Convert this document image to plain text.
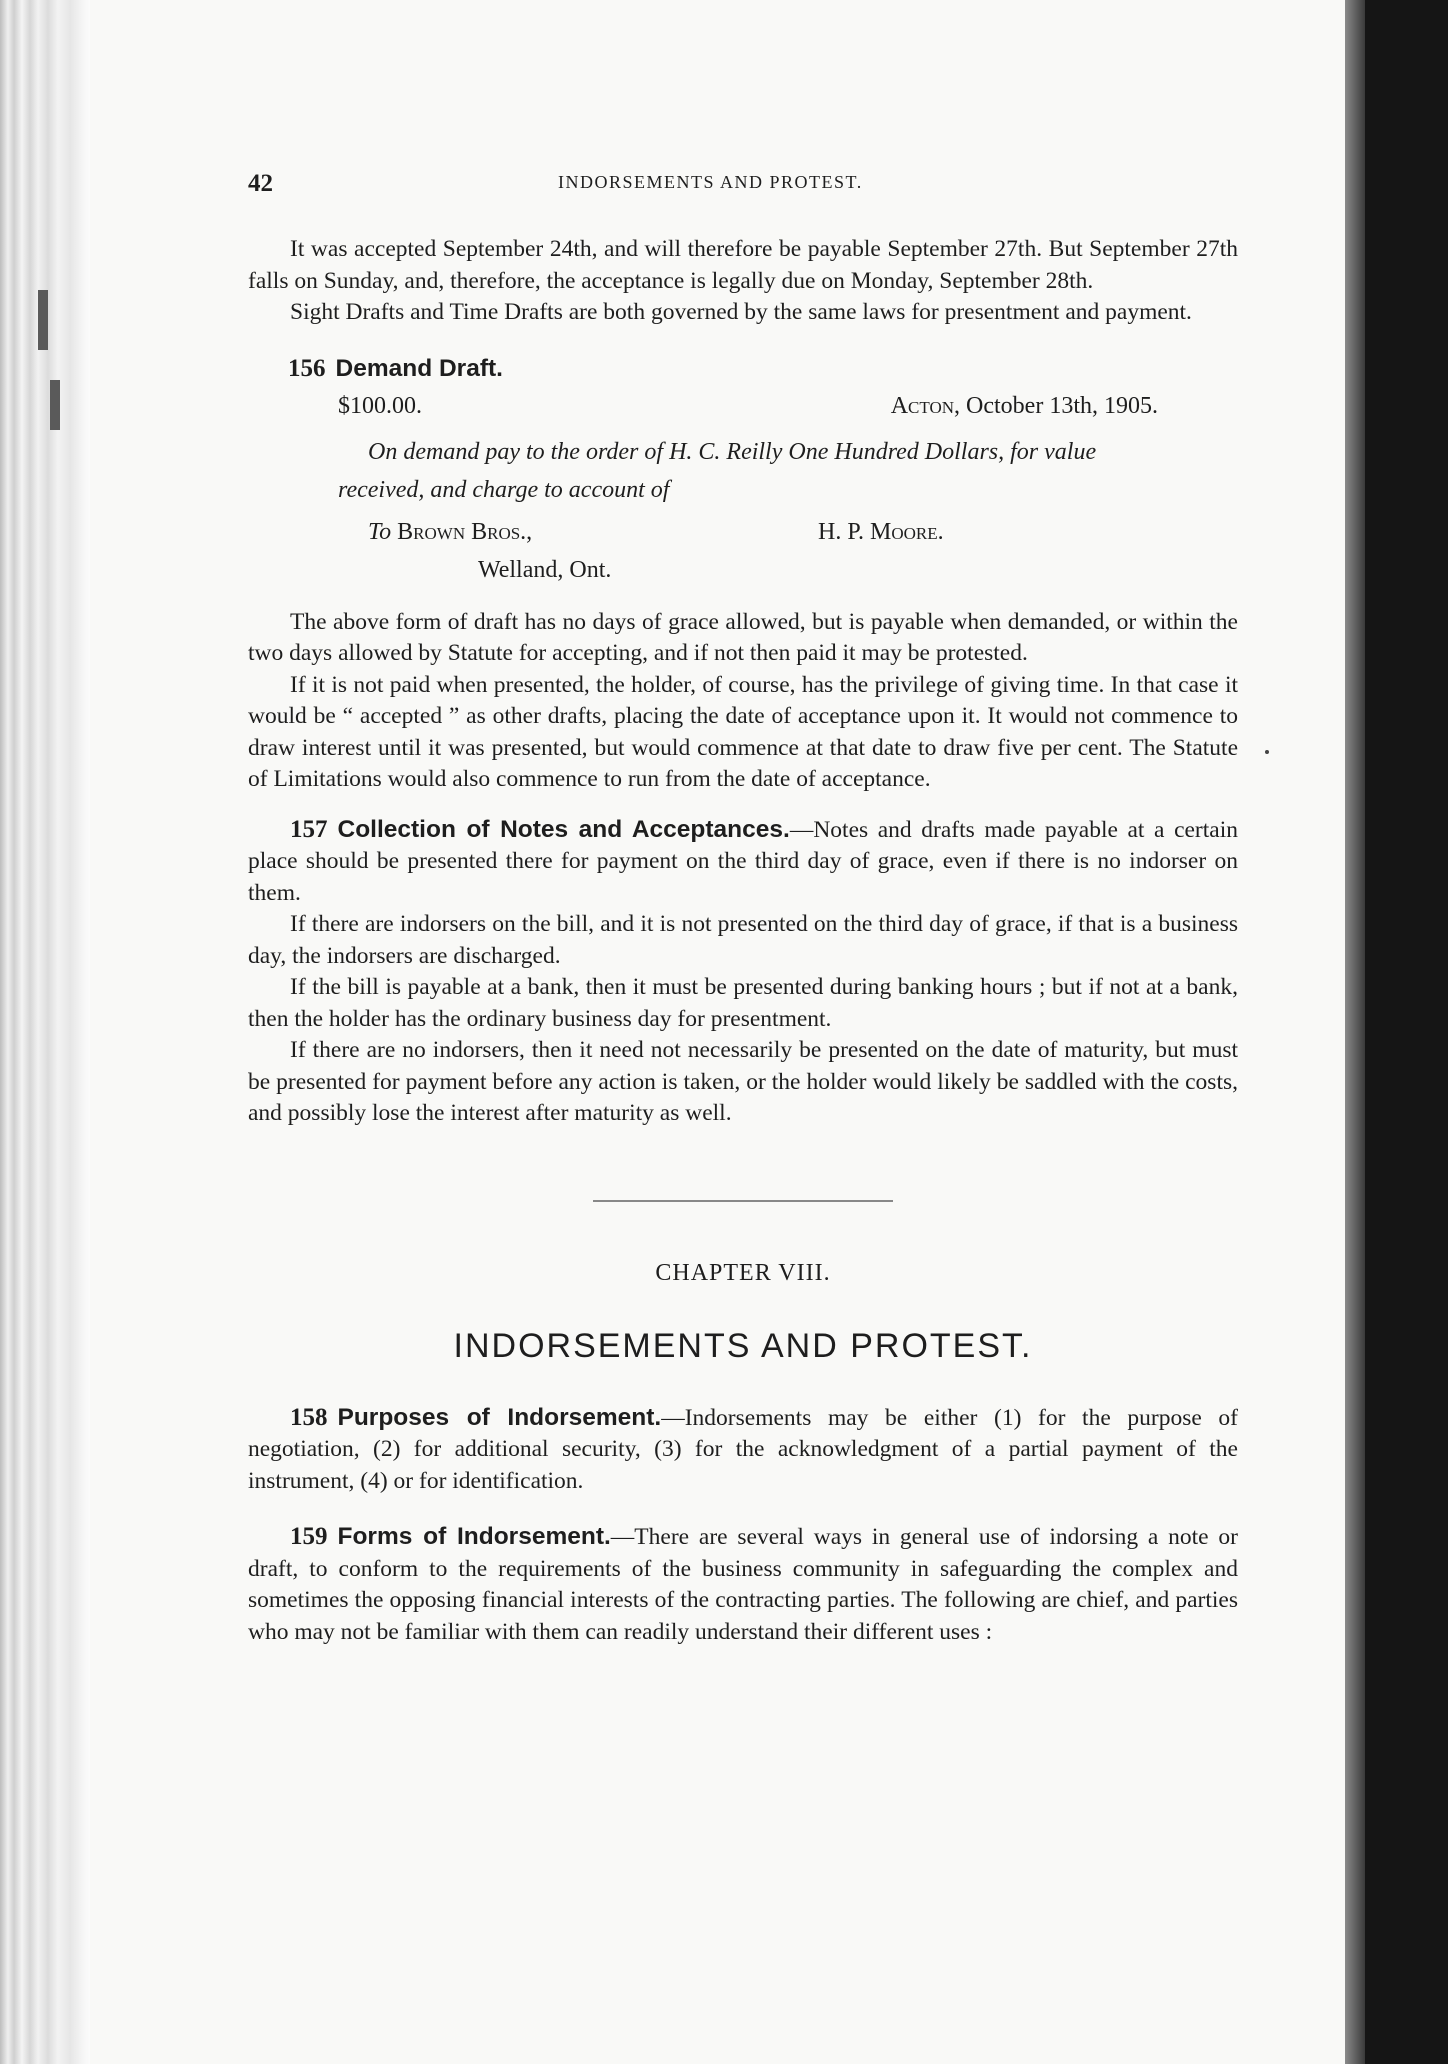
42	INDORSEMENTS AND PROTEST.

It was accepted September 24th, and will therefore be payable September 27th. But September 27th falls on Sunday, and, therefore, the acceptance is legally due on Monday, September 28th.

Sight Drafts and Time Drafts are both governed by the same laws for presentment and payment.

156 Demand Draft.
$100.00.	Acton, October 13th, 1905.
On demand pay to the order of H. C. Reilly One Hundred Dollars, for value received, and charge to account of
To Brown Bros.,	H. P. Moore.
Welland, Ont.

The above form of draft has no days of grace allowed, but is payable when demanded, or within the two days allowed by Statute for accepting, and if not then paid it may be protested.

If it is not paid when presented, the holder, of course, has the privilege of giving time. In that case it would be “ accepted ” as other drafts, placing the date of acceptance upon it. It would not commence to draw interest until it was presented, but would commence at that date to draw five per cent. The Statute of Limitations would also commence to run from the date of acceptance.

157 Collection of Notes and Acceptances.—Notes and drafts made payable at a certain place should be presented there for payment on the third day of grace, even if there is no indorser on them.

If there are indorsers on the bill, and it is not presented on the third day of grace, if that is a business day, the indorsers are discharged.

If the bill is payable at a bank, then it must be presented during banking hours ; but if not at a bank, then the holder has the ordinary business day for presentment.

If there are no indorsers, then it need not necessarily be presented on the date of maturity, but must be presented for payment before any action is taken, or the holder would likely be saddled with the costs, and possibly lose the interest after maturity as well.

CHAPTER VIII.
INDORSEMENTS AND PROTEST.

158 Purposes of Indorsement.—Indorsements may be either (1) for the purpose of negotiation, (2) for additional security, (3) for the acknowledgment of a partial payment of the instrument, (4) or for identification.

159 Forms of Indorsement.—There are several ways in general use of indorsing a note or draft, to conform to the requirements of the business community in safeguarding the complex and sometimes the opposing financial interests of the contracting parties. The following are chief, and parties who may not be familiar with them can readily understand their different uses :
